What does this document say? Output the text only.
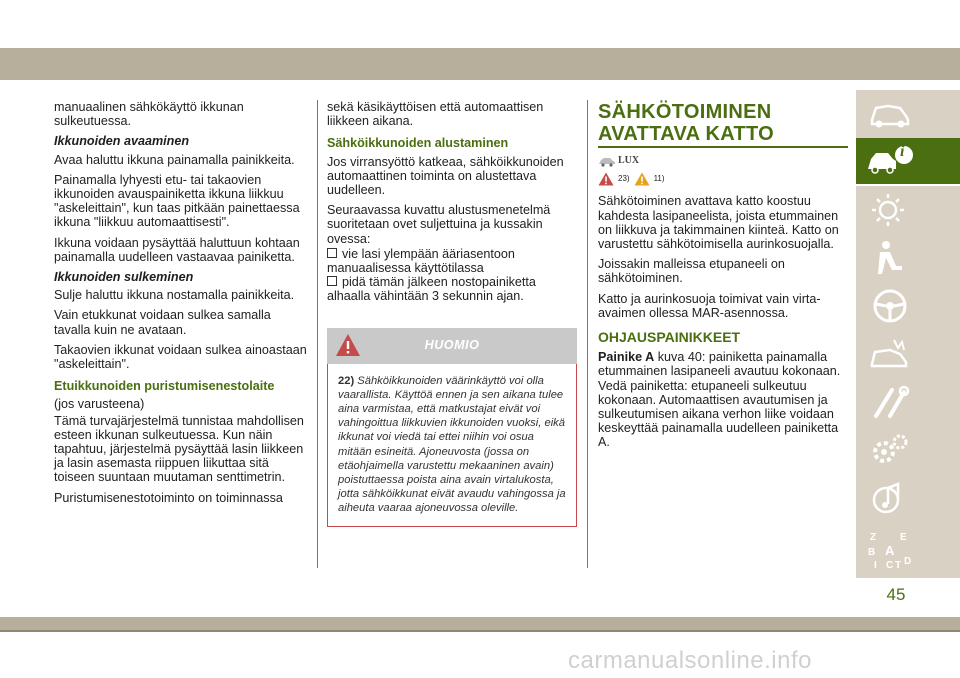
manuaalinen sähkökäyttö ikkunan sulkeutuessa.

Ikkunoiden avaaminen

Avaa haluttu ikkuna painamalla painikkeita.

Painamalla lyhyesti etu- tai takaovien ikkunoiden avauspainiketta ikkuna liikkuu "askeleittain", kun taas pitkään painettaessa ikkuna "liikkuu automaattisesti".

Ikkuna voidaan pysäyttää haluttuun kohtaan painamalla uudelleen vastaavaa painiketta.

Ikkunoiden sulkeminen

Sulje haluttu ikkuna nostamalla painikkeita.

Vain etukkunat voidaan sulkea samalla tavalla kuin ne avataan.

Takaovien ikkunat voidaan sulkea ainoastaan "askeleittain".

Etuikkunoiden puristumisenestolaite

(jos varusteena)

Tämä turvajärjestelmä tunnistaa mahdollisen esteen ikkunan sulkeutuessa. Kun näin tapahtuu, järjestelmä pysäyttää lasin liikkeen ja lasin asemasta riippuen liikuttaa sitä toiseen suuntaan muutaman senttimetrin.

Puristumisenestotoiminto on toiminnassa

sekä käsikäyttöisen että automaattisen liikkeen aikana.

Sähköikkunoiden alustaminen

Jos virransyöttö katkeaa, sähköikkunoiden automaattinen toiminta on alustettava uudelleen.

Seuraavassa kuvattu alustusmenetelmä suoritetaan ovet suljettuina ja kussakin ovessa:

vie lasi ylempään ääriasentoon manuaalisessa käyttötilassa
pidä tämän jälkeen nostopainiketta alhaalla vähintään 3 sekunnin ajan.
HUOMIO
22) Sähköikkunoiden väärinkäyttö voi olla vaarallista. Käyttöä ennen ja sen aikana tulee aina varmistaa, että matkustajat eivät voi vahingoittua liikkuvien ikkunoiden vuoksi, eikä ikkunat voi viedä tai ettei niihin voi osua mitään esineitä. Ajoneuvosta (jossa on etäohjaimella varustettu mekaaninen avain) poistuttaessa poista aina avain virtalukosta, jotta sähköikkunat eivät avaudu vahingossa ja aiheuta vaaraa ajoneuvossa oleville.
SÄHKÖTOIMINEN
AVATTAVA KATTO
LUX
23)	11)

Sähkötoiminen avattava katto koostuu kahdesta lasipaneelista, joista etummainen on liikkuva ja takimmainen kiinteä. Katto on varustettu sähkötoimisella aurinkosuojalla.

Joissakin malleissa etupaneeli on sähkötoiminen.

Katto ja aurinkosuoja toimivat vain virta-avaimen ollessa MAR-asennossa.

OHJAUSPAINIKKEET

Painike A kuva 40: painiketta painamalla etummainen lasipaneeli avautuu kokonaan. Vedä painiketta: etupaneeli sulkeutuu kokonaan. Automaattisen avautumisen ja sulkeutumisen aikana verhon liike voidaan keskeyttää painamalla uudelleen painiketta A.

i
Z E
B A
I C T D
45
carmanualsonline.info
